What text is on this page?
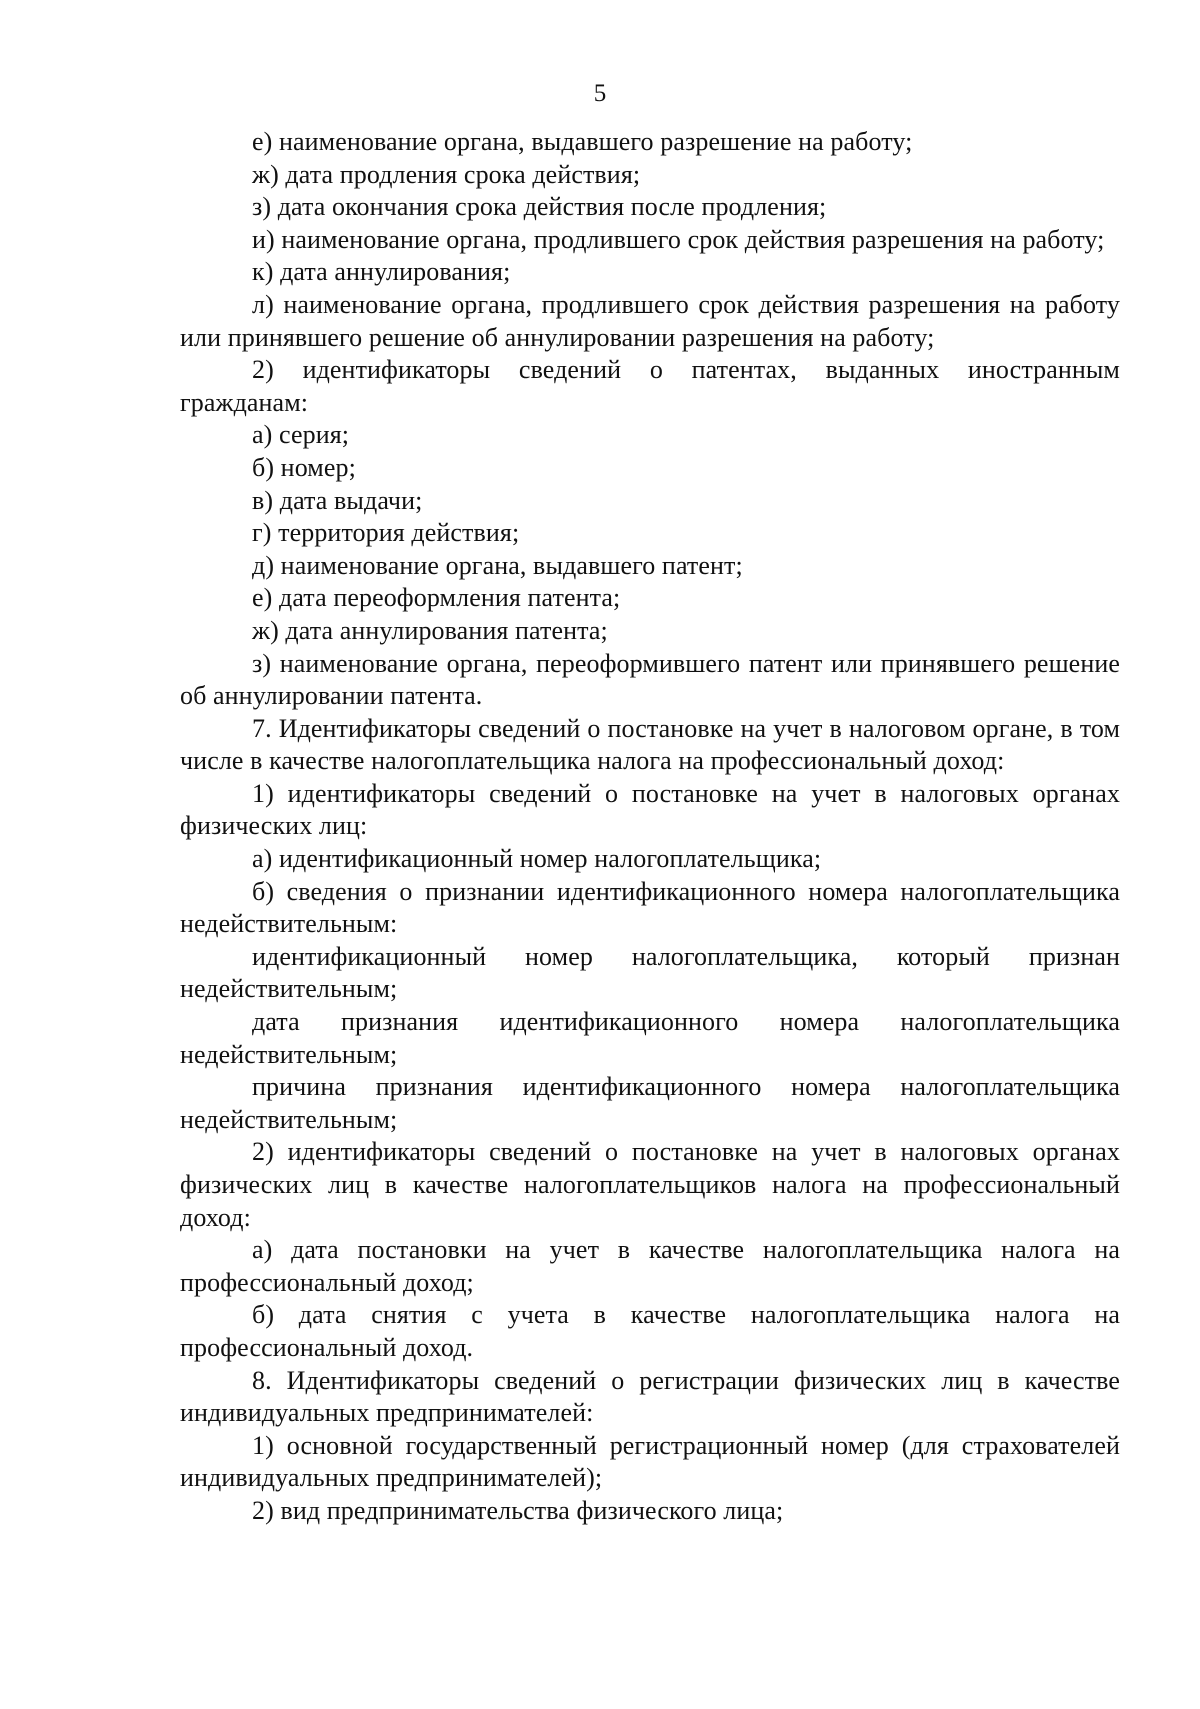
5

е) наименование органа, выдавшего разрешение на работу;

ж) дата продления срока действия;

з) дата окончания срока действия после продления;

и) наименование органа, продлившего срок действия разрешения на работу;

к) дата аннулирования;

л) наименование органа, продлившего срок действия разрешения на работу или принявшего решение об аннулировании разрешения на работу;

2) идентификаторы сведений о патентах, выданных иностранным гражданам:

а) серия;

б) номер;

в) дата выдачи;

г) территория действия;

д) наименование органа, выдавшего патент;

е) дата переоформления патента;

ж) дата аннулирования патента;

з) наименование органа, переоформившего патент или принявшего решение об аннулировании патента.

7. Идентификаторы сведений о постановке на учет в налоговом органе, в том числе в качестве налогоплательщика налога на профессиональный доход:

1) идентификаторы сведений о постановке на учет в налоговых органах физических лиц:

а) идентификационный номер налогоплательщика;

б) сведения о признании идентификационного номера налогоплательщика недействительным:

идентификационный номер налогоплательщика, который признан недействительным;

дата признания идентификационного номера налогоплательщика недействительным;

причина признания идентификационного номера налогоплательщика недействительным;

2) идентификаторы сведений о постановке на учет в налоговых органах физических лиц в качестве налогоплательщиков налога на профессиональный доход:

а) дата постановки на учет в качестве налогоплательщика налога на профессиональный доход;

б) дата снятия с учета в качестве налогоплательщика налога на профессиональный доход.

8. Идентификаторы сведений о регистрации физических лиц в качестве индивидуальных предпринимателей:

1) основной государственный регистрационный номер (для страхователей индивидуальных предпринимателей);

2) вид предпринимательства физического лица;
